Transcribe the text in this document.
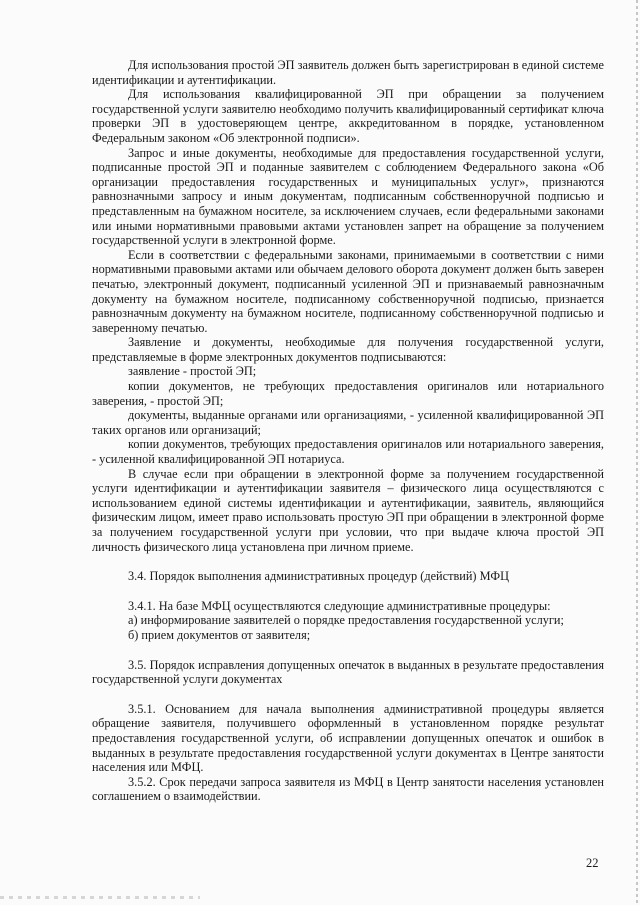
Для использования простой ЭП заявитель должен быть зарегистрирован в единой системе идентификации и аутентификации.

Для использования квалифицированной ЭП при обращении за получением государственной услуги заявителю необходимо получить квалифицированный сертификат ключа проверки ЭП в удостоверяющем центре, аккредитованном в порядке, установленном Федеральным законом «Об электронной подписи».

Запрос и иные документы, необходимые для предоставления государственной услуги, подписанные простой ЭП и поданные заявителем с соблюдением Федерального закона «Об организации предоставления государственных и муниципальных услуг», признаются равнозначными запросу и иным документам, подписанным собственноручной подписью и представленным на бумажном носителе, за исключением случаев, если федеральными законами или иными нормативными правовыми актами установлен запрет на обращение за получением государственной услуги в электронной форме.

Если в соответствии с федеральными законами, принимаемыми в соответствии с ними нормативными правовыми актами или обычаем делового оборота документ должен быть заверен печатью, электронный документ, подписанный усиленной ЭП и признаваемый равнозначным документу на бумажном носителе, подписанному собственноручной подписью, признается равнозначным документу на бумажном носителе, подписанному собственноручной подписью и заверенному печатью.

Заявление и документы, необходимые для получения государственной услуги, представляемые в форме электронных документов подписываются:

заявление - простой ЭП;

копии документов, не требующих предоставления оригиналов или нотариального заверения, - простой ЭП;

документы, выданные органами или организациями, - усиленной квалифицированной ЭП таких органов или организаций;

копии документов, требующих предоставления оригиналов или нотариального заверения, - усиленной квалифицированной ЭП нотариуса.

В случае если при обращении в электронной форме за получением государственной услуги идентификации и аутентификации заявителя – физического лица осуществляются с использованием единой системы идентификации и аутентификации, заявитель, являющийся физическим лицом, имеет право использовать простую ЭП при обращении в электронной форме за получением государственной услуги при условии, что при выдаче ключа простой ЭП личность физического лица установлена при личном приеме.

3.4. Порядок выполнения административных процедур (действий) МФЦ

3.4.1. На базе МФЦ осуществляются следующие административные процедуры:

а) информирование заявителей о порядке предоставления государственной услуги;

б) прием документов от заявителя;

3.5. Порядок исправления допущенных опечаток в выданных в результате предоставления государственной услуги документах

3.5.1. Основанием для начала выполнения административной процедуры является обращение заявителя, получившего оформленный в установленном порядке результат предоставления государственной услуги, об исправлении допущенных опечаток и ошибок в выданных в результате предоставления государственной услуги документах в Центре занятости населения или МФЦ.

3.5.2. Срок передачи запроса заявителя из МФЦ в Центр занятости населения установлен соглашением о взаимодействии.

22
